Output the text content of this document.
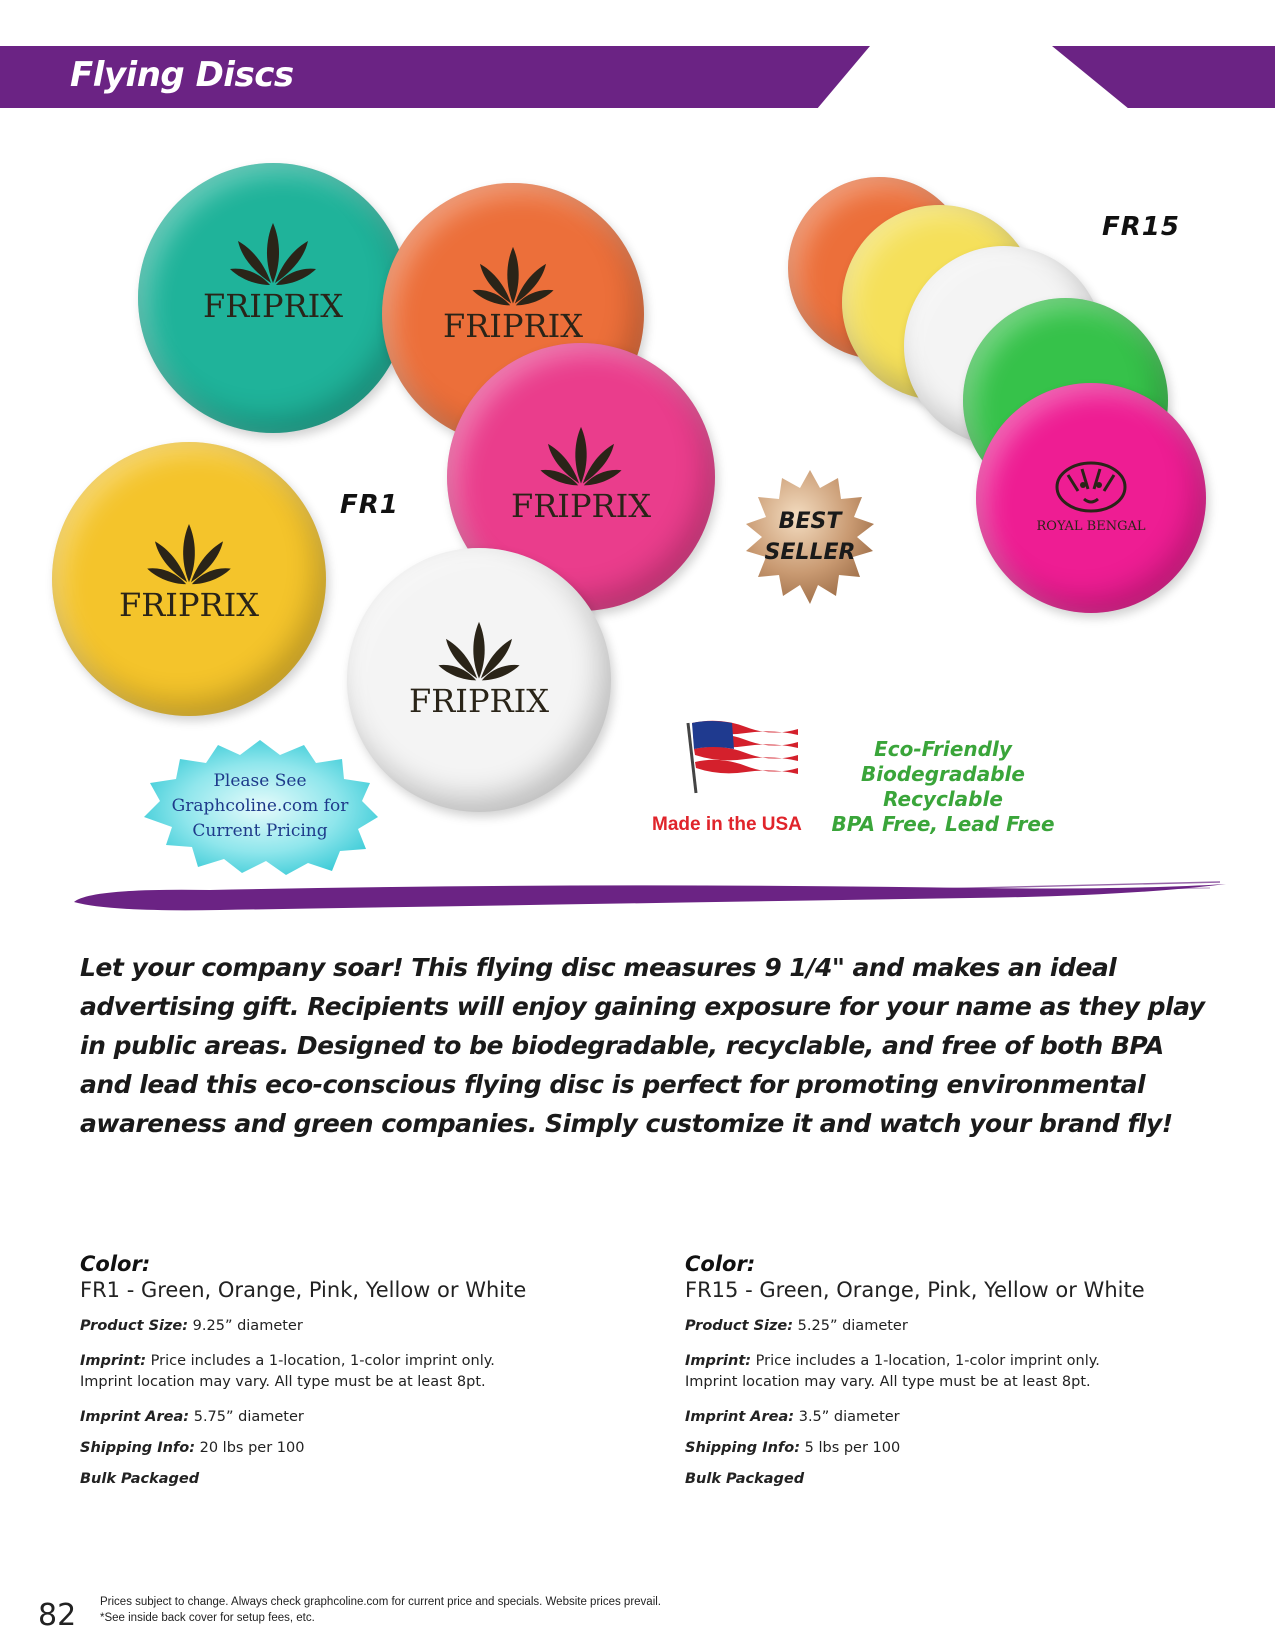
Flying Discs
FRIPRIX
FRIPRIX
FRIPRIX
FRIPRIX
FRIPRIX
FR1
ROYAL BENGAL
FR15
BEST
SELLER
Please See
Graphcoline.com for
Current Pricing	Made in the USA
Eco-Friendly
Biodegradable
Recyclable
BPA Free, Lead Free
Let your company soar! This flying disc measures 9 1/4" and makes an ideal advertising gift. Recipients will enjoy gaining exposure for your name as they play in public areas. Designed to be biodegradable, recyclable, and free of both BPA and lead this eco-conscious flying disc is perfect for promoting environmental awareness and green companies. Simply customize it and watch your brand fly!
Color:
FR1 - Green, Orange, Pink, Yellow or White
Product Size: 9.25” diameter
Imprint: Price includes a 1-location, 1-color imprint only.
Imprint location may vary. All type must be at least 8pt.
Imprint Area: 5.75” diameter
Shipping Info: 20 lbs per 100
Bulk Packaged
Color:
FR15 - Green, Orange, Pink, Yellow or White
Product Size: 5.25” diameter
Imprint: Price includes a 1-location, 1-color imprint only.
Imprint location may vary. All type must be at least 8pt.
Imprint Area: 3.5” diameter
Shipping Info: 5 lbs per 100
Bulk Packaged
82 Prices subject to change. Always check graphcoline.com for current price and specials. Website prices prevail.
*See inside back cover for setup fees, etc.
